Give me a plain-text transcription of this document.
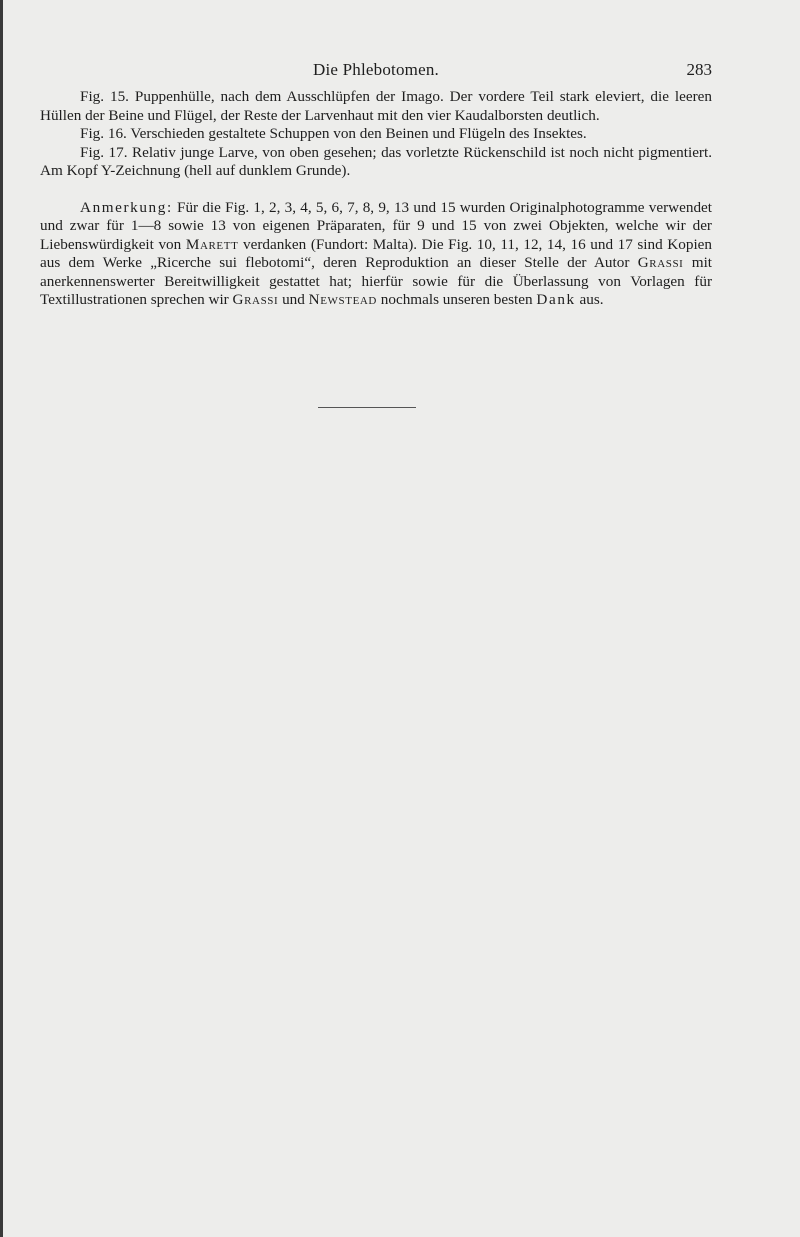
Die Phlebotomen.	283

Fig. 15. Puppenhülle, nach dem Ausschlüpfen der Imago. Der vordere Teil stark eleviert, die leeren Hüllen der Beine und Flügel, der Reste der Larvenhaut mit den vier Kaudalborsten deutlich.

Fig. 16. Verschieden gestaltete Schuppen von den Beinen und Flügeln des Insektes.

Fig. 17. Relativ junge Larve, von oben gesehen; das vorletzte Rückenschild ist noch nicht pigmentiert. Am Kopf Y-Zeichnung (hell auf dunklem Grunde).

Anmerkung: Für die Fig. 1, 2, 3, 4, 5, 6, 7, 8, 9, 13 und 15 wurden Originalphotogramme verwendet und zwar für 1—8 sowie 13 von eigenen Präparaten, für 9 und 15 von zwei Objekten, welche wir der Liebenswürdigkeit von Marett verdanken (Fundort: Malta). Die Fig. 10, 11, 12, 14, 16 und 17 sind Kopien aus dem Werke „Ricerche sui flebotomi“, deren Reproduktion an dieser Stelle der Autor Grassi mit anerkennenswerter Bereitwilligkeit gestattet hat; hierfür sowie für die Überlassung von Vorlagen für Textillustrationen sprechen wir Grassi und Newstead nochmals unseren besten Dank aus.
